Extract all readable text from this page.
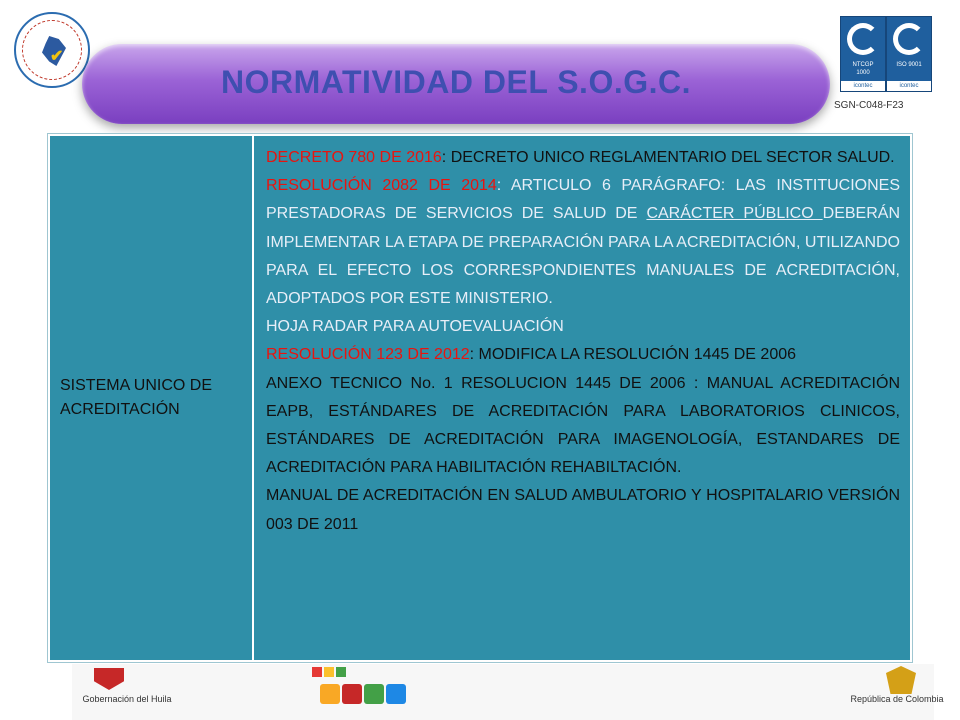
✔
NORMATIVIDAD DEL S.O.G.C.	NTCGP
1000
icontec
ISO 9001
icontec
SGN-C048-F23
SISTEMA UNICO DE ACREDITACIÓN

DECRETO 780 DE 2016: DECRETO UNICO REGLAMENTARIO DEL SECTOR SALUD.

RESOLUCIÓN 2082 DE 2014: ARTICULO 6 PARÁGRAFO: LAS INSTITUCIONES PRESTADORAS DE SERVICIOS DE SALUD DE CARÁCTER PÚBLICO DEBERÁN IMPLEMENTAR LA ETAPA DE PREPARACIÓN PARA LA ACREDITACIÓN, UTILIZANDO PARA EL EFECTO LOS CORRESPONDIENTES MANUALES DE ACREDITACIÓN, ADOPTADOS POR ESTE MINISTERIO.

HOJA RADAR PARA AUTOEVALUACIÓN

RESOLUCIÓN 123 DE 2012: MODIFICA LA RESOLUCIÓN 1445 DE 2006

ANEXO TECNICO No. 1 RESOLUCION 1445 DE 2006 : MANUAL ACREDITACIÓN EAPB, ESTÁNDARES DE ACREDITACIÓN PARA LABORATORIOS CLINICOS, ESTÁNDARES DE ACREDITACIÓN PARA IMAGENOLOGÍA, ESTANDARES DE ACREDITACIÓN PARA HABILITACIÓN REHABILTACIÓN.

MANUAL DE ACREDITACIÓN EN SALUD AMBULATORIO Y HOSPITALARIO VERSIÓN 003 DE 2011

Gobernación del Huila	República de Colombia
